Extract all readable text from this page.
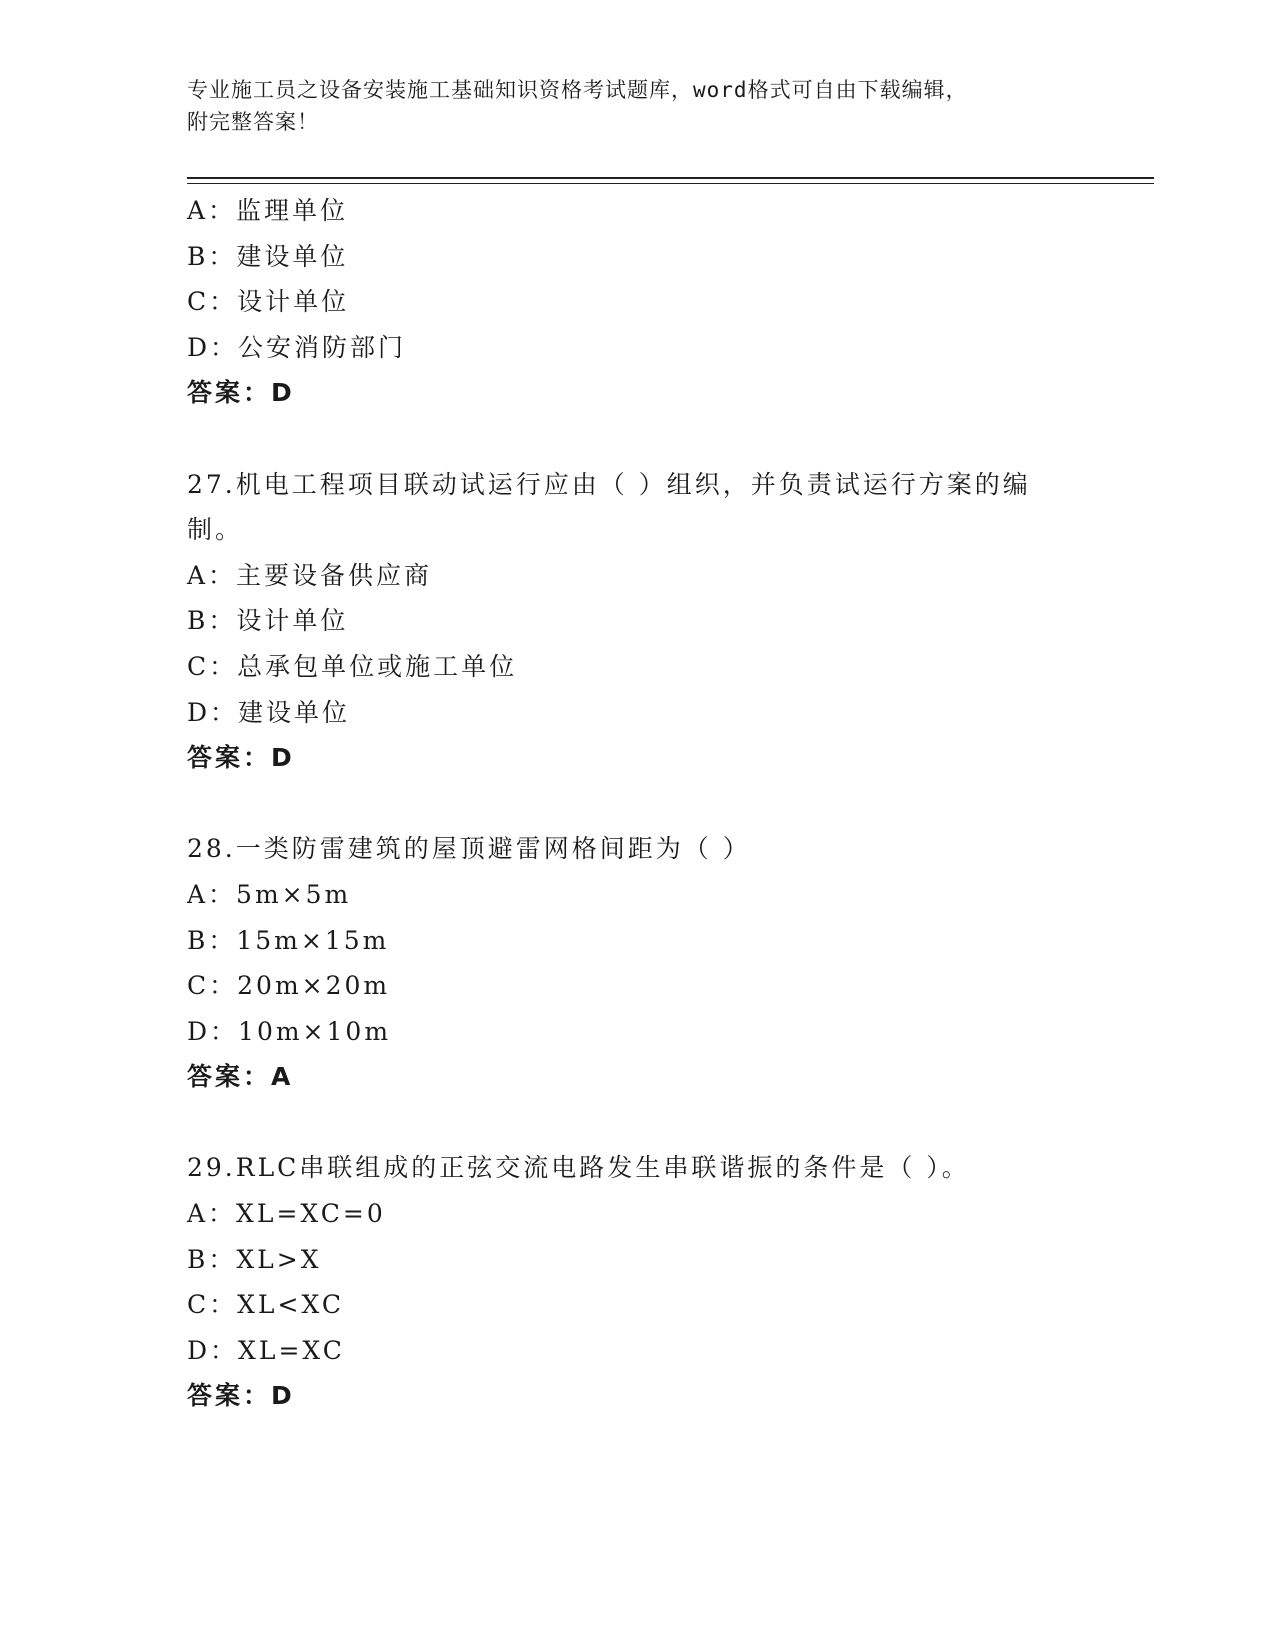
专业施工员之设备安装施工基础知识资格考试题库，word格式可自由下载编辑，
附完整答案！
A：监理单位
B：建设单位
C：设计单位
D：公安消防部门
答案：D
27.机电工程项目联动试运行应由（ ）组织，并负责试运行方案的编
制。
A：主要设备供应商
B：设计单位
C：总承包单位或施工单位
D：建设单位
答案：D
28.一类防雷建筑的屋顶避雷网格间距为（ ）
A：5m×5m
B：15m×15m
C：20m×20m
D：10m×10m
答案：A
29.RLC串联组成的正弦交流电路发生串联谐振的条件是（ ）。
A：XL=XC=0
B：XL>X
C：XL<XC
D：XL=XC
答案：D
